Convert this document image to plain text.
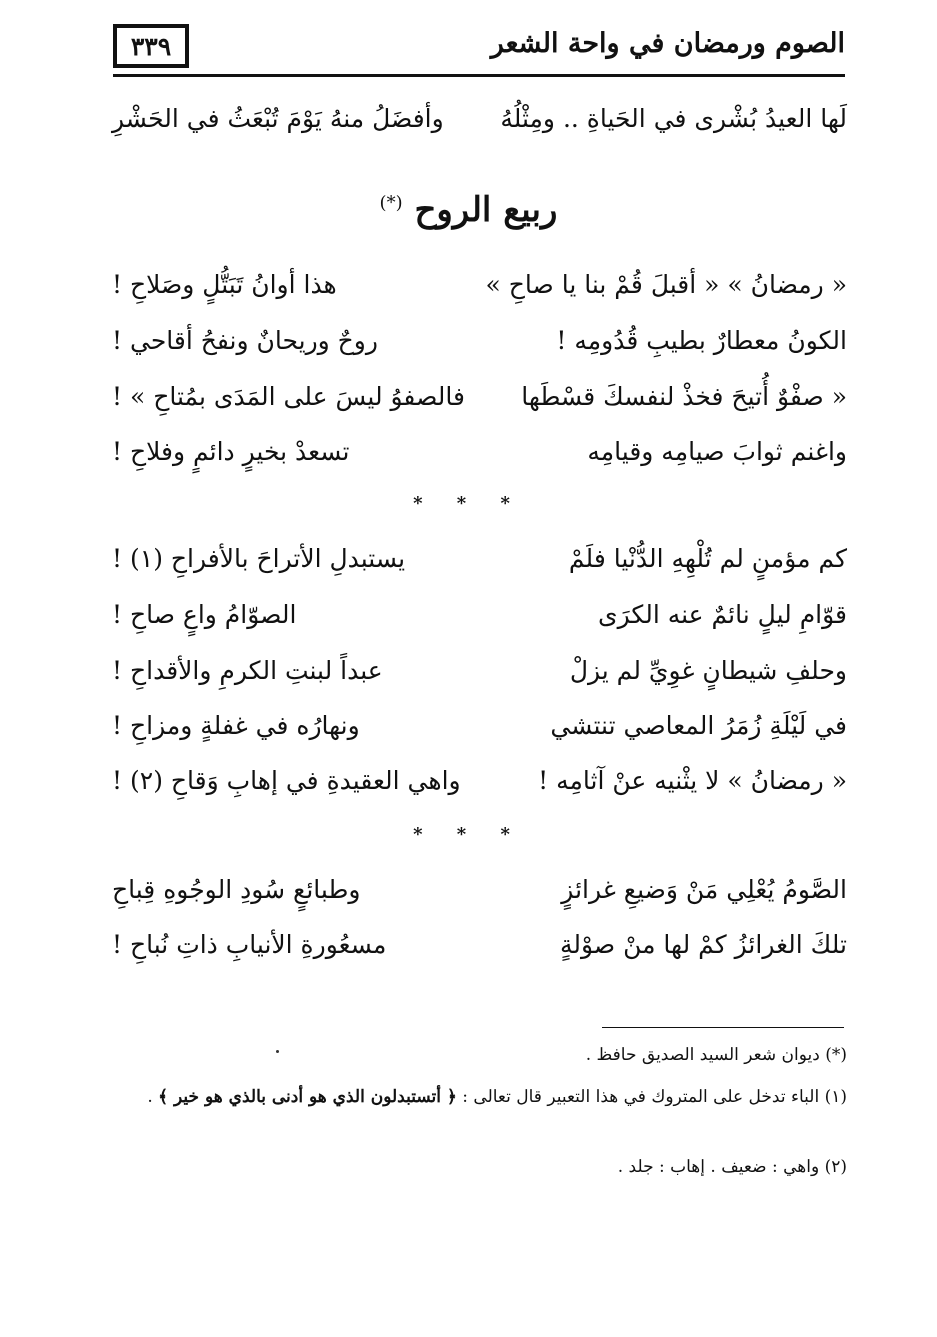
الصوم ورمضان في واحة الشعر
٣٣٩
لَها العيدُ بُشْرى في الحَياةِ .. ومِثْلُهُ
وأفضَلُ منهُ يَوْمَ تُبْعَثُ في الحَشْرِ
ربيع الروح (*)
« رمضانُ » « أقبلَ قُمْ بنا يا صاحِ »
هذا أوانُ تَبَتُّلٍ وصَلاحِ !
الكونُ معطارٌ بطيبِ قُدُومِه !
روحٌ وريحانٌ ونفحُ أقاحي !
« صفْوٌ أُتيحَ فخذْ لنفسكَ قسْطَها
فالصفوُ ليسَ على المَدَى بمُتاحِ » !
واغنم ثوابَ صيامِه وقيامِه
تسعدْ بخيرٍ دائمٍ وفلاحِ !
* * *
كم مؤمنٍ لم تُلْهِهِ الدُّنْيا فلَمْ
يستبدلِ الأتراحَ بالأفراحِ (١) !
قوّامِ ليلٍ نائمٌ عنه الكرَى
الصوّامُ واعٍ صاحِ !
وحلفِ شيطانٍ غوِيِّ لم يزلْ
عبداً لبنتِ الكرمِ والأقداحِ !
في لَيْلَةِ زُمَرُ المعاصي تنتشي
ونهارُه في غفلةٍ ومزاحِ !
« رمضانُ » لا يثْنيه عنْ آثامِه !
واهي العقيدةِ في إهابِ وَقاحِ (٢) !
* * *
الصَّومُ يُعْلِي مَنْ وَضيعِ غرائزٍ
وطبائعٍ سُودِ الوجُوهِ قِباحِ
تلكَ الغرائزُ كمْ لها منْ صوْلةٍ
مسعُورةِ الأنيابِ ذاتِ نُباحِ !
(*) ديوان شعر السيد الصديق حافظ .
(١) الباء تدخل على المتروك في هذا التعبير قال تعالى : ﴿ أتستبدلون الذي هو أدنى بالذي هو خير ﴾ .
(٢) واهي : ضعيف . إهاب : جلد .
